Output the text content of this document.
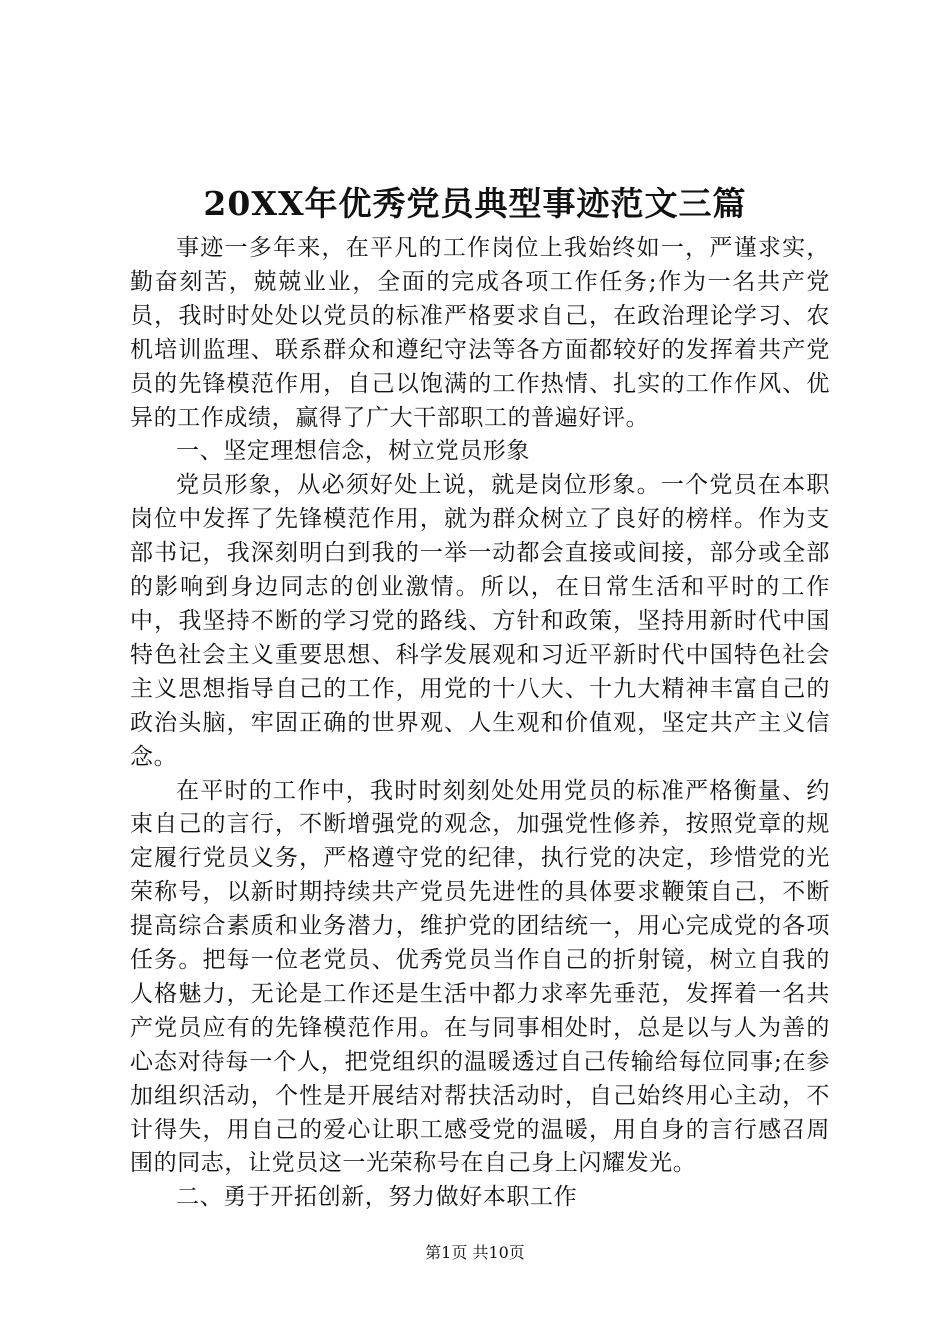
20XX年优秀党员典型事迹范文三篇

事迹一多年来，在平凡的工作岗位上我始终如一，严谨求实，勤奋刻苦，兢兢业业，全面的完成各项工作任务;作为一名共产党员，我时时处处以党员的标准严格要求自己，在政治理论学习、农机培训监理、联系群众和遵纪守法等各方面都较好的发挥着共产党员的先锋模范作用，自己以饱满的工作热情、扎实的工作作风、优异的工作成绩，赢得了广大干部职工的普遍好评。

一、坚定理想信念，树立党员形象

党员形象，从必须好处上说，就是岗位形象。一个党员在本职岗位中发挥了先锋模范作用，就为群众树立了良好的榜样。作为支部书记，我深刻明白到我的一举一动都会直接或间接，部分或全部的影响到身边同志的创业激情。所以，在日常生活和平时的工作中，我坚持不断的学习党的路线、方针和政策，坚持用新时代中国特色社会主义重要思想、科学发展观和习近平新时代中国特色社会主义思想指导自己的工作，用党的十八大、十九大精神丰富自己的政治头脑，牢固正确的世界观、人生观和价值观，坚定共产主义信念。

在平时的工作中，我时时刻刻处处用党员的标准严格衡量、约束自己的言行，不断增强党的观念，加强党性修养，按照党章的规定履行党员义务，严格遵守党的纪律，执行党的决定，珍惜党的光荣称号，以新时期持续共产党员先进性的具体要求鞭策自己，不断提高综合素质和业务潜力，维护党的团结统一，用心完成党的各项任务。把每一位老党员、优秀党员当作自己的折射镜，树立自我的人格魅力，无论是工作还是生活中都力求率先垂范，发挥着一名共产党员应有的先锋模范作用。在与同事相处时，总是以与人为善的心态对待每一个人，把党组织的温暖透过自己传输给每位同事;在参加组织活动，个性是开展结对帮扶活动时，自己始终用心主动，不计得失，用自己的爱心让职工感受党的温暖，用自身的言行感召周围的同志，让党员这一光荣称号在自己身上闪耀发光。

二、勇于开拓创新，努力做好本职工作

第1页 共10页
